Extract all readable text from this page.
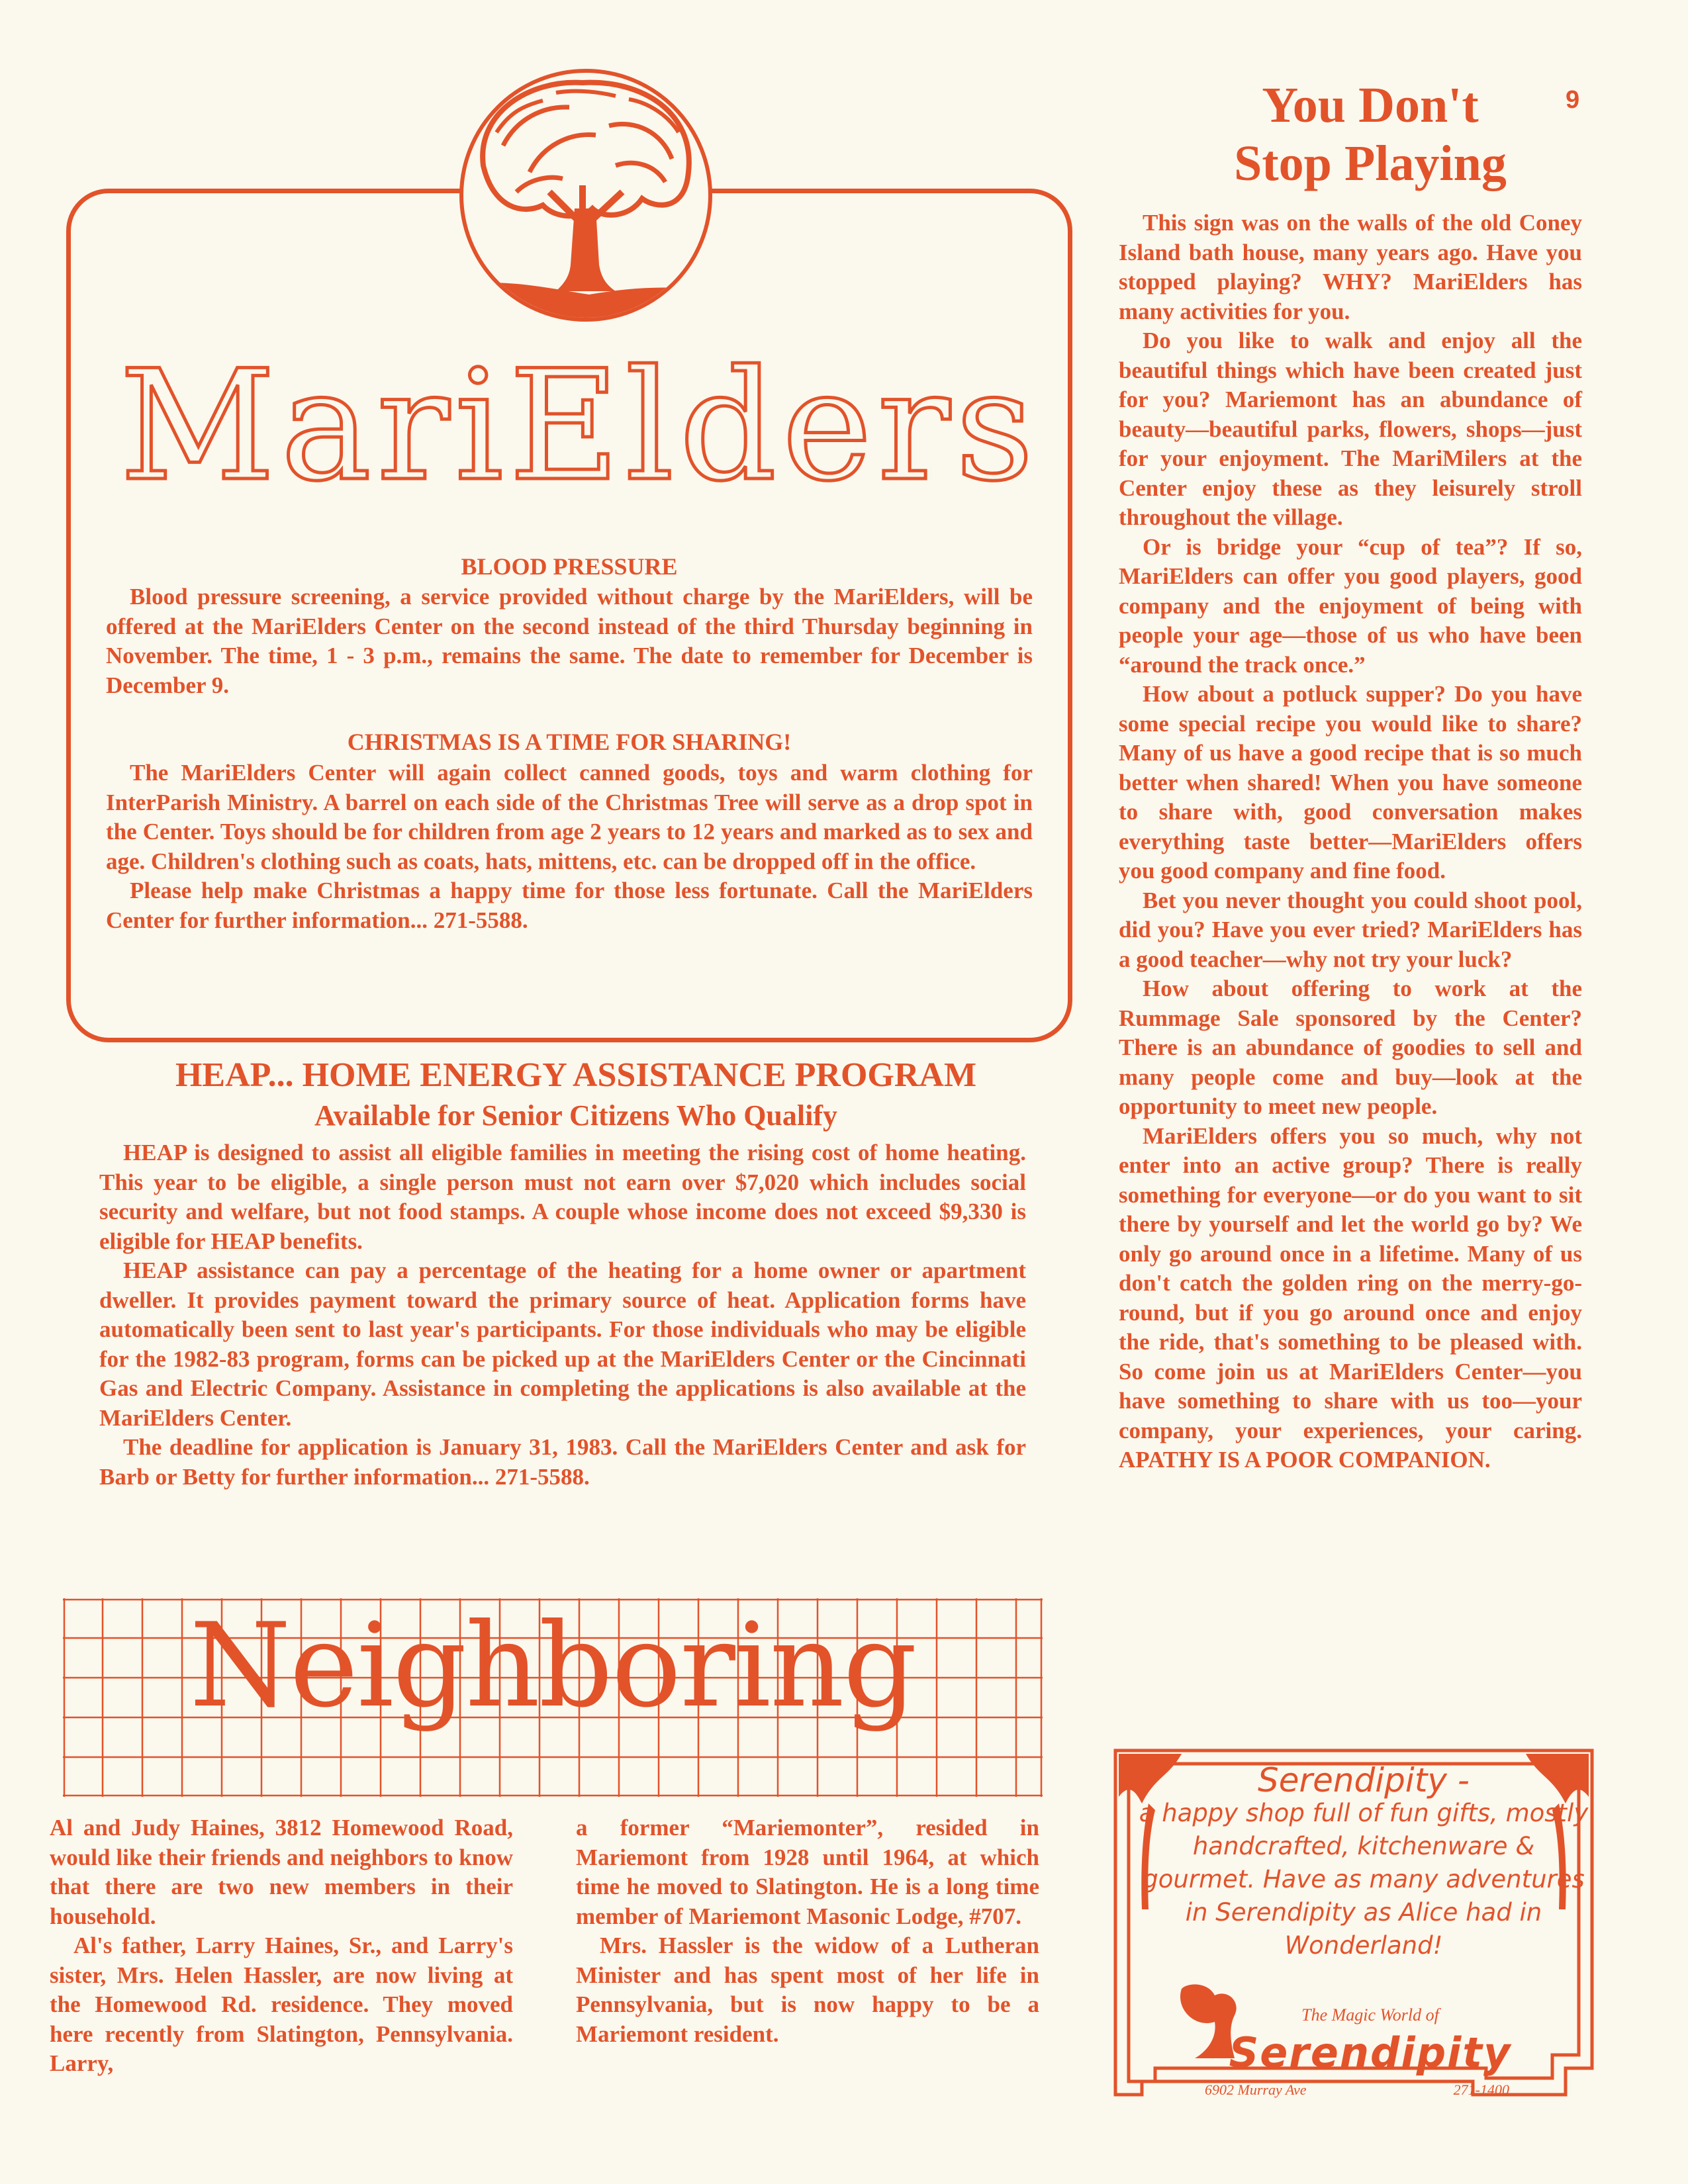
9
MariElders
BLOOD PRESSURE

Blood pressure screening, a service provided without charge by the MariElders, will be offered at the MariElders Center on the second instead of the third Thursday beginning in November. The time, 1 - 3 p.m., remains the same. The date to remember for December is December 9.

CHRISTMAS IS A TIME FOR SHARING!

The MariElders Center will again collect canned goods, toys and warm clothing for InterParish Ministry. A barrel on each side of the Christmas Tree will serve as a drop spot in the Center. Toys should be for children from age 2 years to 12 years and marked as to sex and age. Children's clothing such as coats, hats, mittens, etc. can be dropped off in the office.

Please help make Christmas a happy time for those less fortunate. Call the MariElders Center for further information... 271-5588.

HEAP... HOME ENERGY ASSISTANCE PROGRAM
Available for Senior Citizens Who Qualify

HEAP is designed to assist all eligible families in meeting the rising cost of home heating. This year to be eligible, a single person must not earn over $7,020 which includes social security and welfare, but not food stamps. A couple whose income does not exceed $9,330 is eligible for HEAP benefits.

HEAP assistance can pay a percentage of the heating for a home owner or apartment dweller. It provides payment toward the primary source of heat. Application forms have automatically been sent to last year's participants. For those individuals who may be eligible for the 1982-83 program, forms can be picked up at the MariElders Center or the Cincinnati Gas and Electric Company. Assistance in completing the applications is also available at the MariElders Center.

The deadline for application is January 31, 1983. Call the MariElders Center and ask for Barb or Betty for further information... 271-5588.

Neighboring

Al and Judy Haines, 3812 Homewood Road, would like their friends and neighbors to know that there are two new members in their household.

Al's father, Larry Haines, Sr., and Larry's sister, Mrs. Helen Hassler, are now living at the Homewood Rd. residence. They moved here recently from Slatington, Pennsylvania. Larry,

a former “Mariemonter”, resided in Mariemont from 1928 until 1964, at which time he moved to Slatington. He is a long time member of Mariemont Masonic Lodge, #707.

Mrs. Hassler is the widow of a Lutheran Minister and has spent most of her life in Pennsylvania, but is now happy to be a Mariemont resident.

You Don't
Stop Playing

This sign was on the walls of the old Coney Island bath house, many years ago. Have you stopped playing? WHY? MariElders has many activities for you.

Do you like to walk and enjoy all the beautiful things which have been created just for you? Mariemont has an abundance of beauty—beautiful parks, flowers, shops—just for your enjoyment. The MariMilers at the Center enjoy these as they leisurely stroll throughout the village.

Or is bridge your “cup of tea”? If so, MariElders can offer you good players, good company and the enjoyment of being with people your age—those of us who have been “around the track once.”

How about a potluck supper? Do you have some special recipe you would like to share? Many of us have a good recipe that is so much better when shared! When you have someone to share with, good conversation makes everything taste better—MariElders offers you good company and fine food.

Bet you never thought you could shoot pool, did you? Have you ever tried? MariElders has a good teacher—why not try your luck?

How about offering to work at the Rummage Sale sponsored by the Center? There is an abundance of goodies to sell and many people come and buy—look at the opportunity to meet new people.

MariElders offers you so much, why not enter into an active group? There is really something for everyone—or do you want to sit there by yourself and let the world go by? We only go around once in a lifetime. Many of us don't catch the golden ring on the merry-go-round, but if you go around once and enjoy the ride, that's something to be pleased with. So come join us at MariElders Center—you have something to share with us too—your company, your experiences, your caring. APATHY IS A POOR COMPANION.

Serendipity -
a happy shop full of fun gifts, mostly handcrafted, kitchenware & gourmet. Have as many adventures in Serendipity as Alice had in Wonderland!
The Magic World of
Serendipity
6902 Murray Ave	271-1400
